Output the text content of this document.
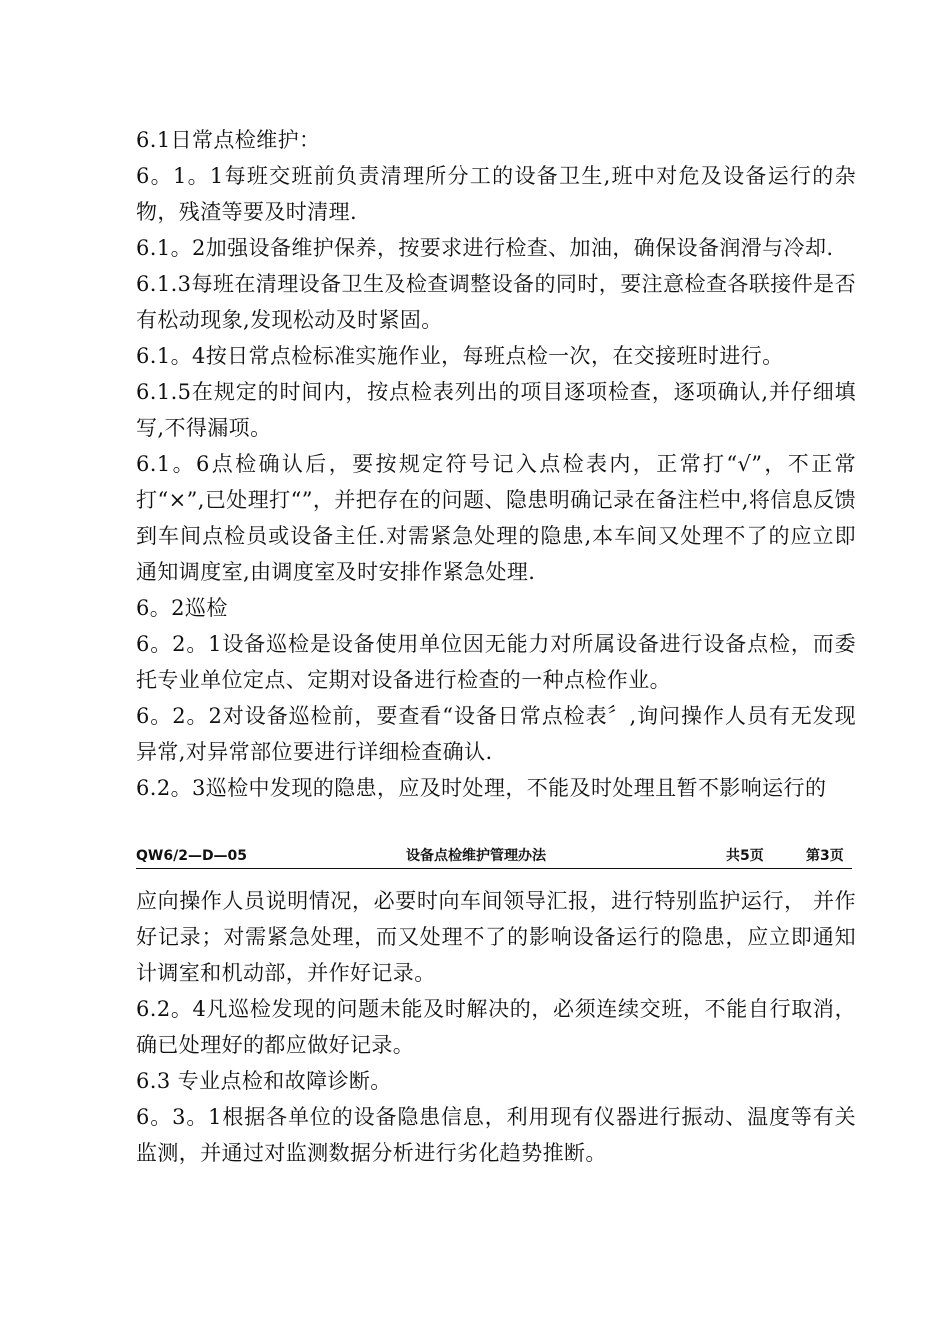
6.1日常点检维护：

6。1。1每班交班前负责清理所分工的设备卫生,班中对危及设备运行的杂物，残渣等要及时清理.

6.1。2加强设备维护保养，按要求进行检查、加油，确保设备润滑与冷却.

6.1.3每班在清理设备卫生及检查调整设备的同时，要注意检查各联接件是否有松动现象,发现松动及时紧固。

6.1。4按日常点检标准实施作业，每班点检一次，在交接班时进行。

6.1.5在规定的时间内，按点检表列出的项目逐项检查，逐项确认,并仔细填写,不得漏项。

6.1。6点检确认后，要按规定符号记入点检表内，正常打“√”，不正常打“×”,已处理打“”，并把存在的问题、隐患明确记录在备注栏中,将信息反馈到车间点检员或设备主任.对需紧急处理的隐患,本车间又处理不了的应立即通知调度室,由调度室及时安排作紧急处理.

6。2巡检

6。2。1设备巡检是设备使用单位因无能力对所属设备进行设备点检，而委托专业单位定点、定期对设备进行检查的一种点检作业。

6。2。2对设备巡检前，要查看“设备日常点检表〞,询问操作人员有无发现异常,对异常部位要进行详细检查确认.

6.2。3巡检中发现的隐患，应及时处理，不能及时处理且暂不影响运行的

QW6/2—D—05	设备点检维护管理办法	共5页	第3页

应向操作人员说明情况，必要时向车间领导汇报，进行特别监护运行， 并作好记录；对需紧急处理，而又处理不了的影响设备运行的隐患，应立即通知计调室和机动部，并作好记录。

6.2。4凡巡检发现的问题未能及时解决的，必须连续交班，不能自行取消，确已处理好的都应做好记录。

6.3 专业点检和故障诊断。

6。3。1根据各单位的设备隐患信息，利用现有仪器进行振动、温度等有关监测，并通过对监测数据分析进行劣化趋势推断。
